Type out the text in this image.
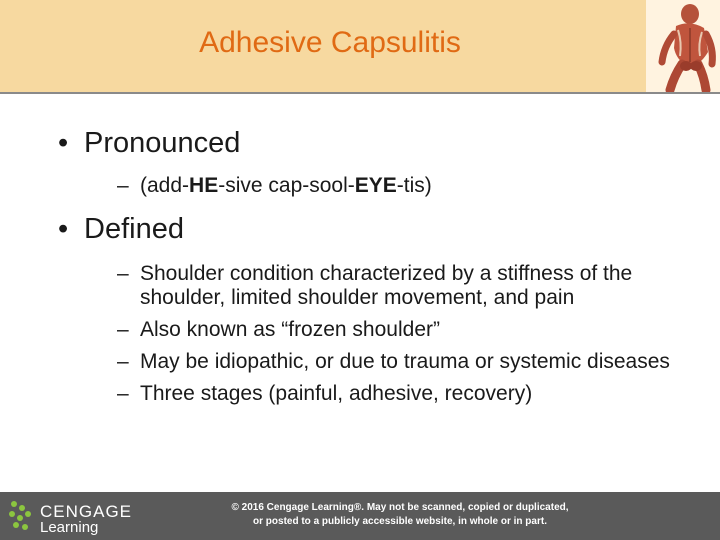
Adhesive Capsulitis
• Pronounced
– (add-HE-sive cap-sool-EYE-tis)
• Defined
– Shoulder condition characterized by a stiffness of the shoulder, limited shoulder movement, and pain
– Also known as “frozen shoulder”
– May be idiopathic, or due to trauma or systemic diseases
– Three stages (painful, adhesive, recovery)
CENGAGE
Learning
© 2016 Cengage Learning®. May not be scanned, copied or duplicated,
or posted to a publicly accessible website, in whole or in part.
